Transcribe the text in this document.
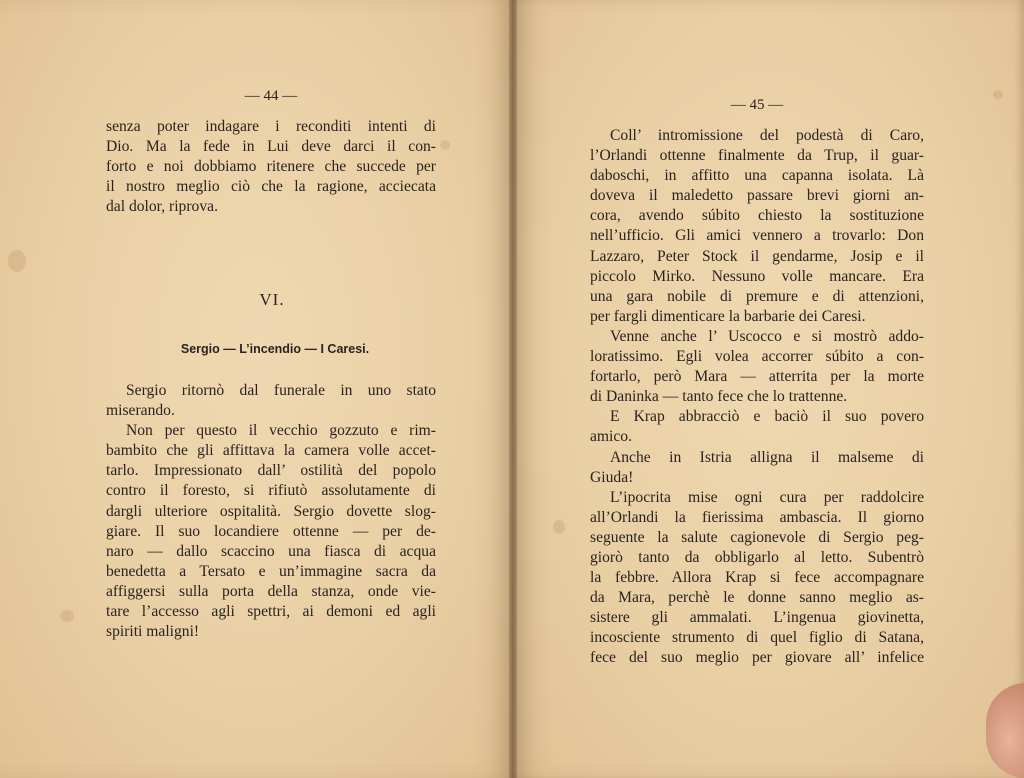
— 44 —
senza poter indagare i reconditi intenti di
Dio. Ma la fede in Lui deve darci il con-
forto e noi dobbiamo ritenere che succede per
il nostro meglio ciò che la ragione, acciecata
dal dolor, riprova.
VI.
Sergio — L’incendio — I Caresi.
Sergio ritornò dal funerale in uno stato
miserando.
Non per questo il vecchio gozzuto e rim-
bambito che gli affittava la camera volle accet-
tarlo. Impressionato dall’ ostilità del popolo
contro il foresto, si rifiutò assolutamente di
dargli ulteriore ospitalità. Sergio dovette slog-
giare. Il suo locandiere ottenne — per de-
naro — dallo scaccino una fiasca di acqua
benedetta a Tersato e un’immagine sacra da
affiggersi sulla porta della stanza, onde vie-
tare l’accesso agli spettri, ai demoni ed agli
spiriti maligni!
— 45 —
Coll’ intromissione del podestà di Caro,
l’Orlandi ottenne finalmente da Trup, il guar-
daboschi, in affitto una capanna isolata. Là
doveva il maledetto passare brevi giorni an-
cora, avendo súbito chiesto la sostituzione
nell’ufficio. Gli amici vennero a trovarlo: Don
Lazzaro, Peter Stock il gendarme, Josip e il
piccolo Mirko. Nessuno volle mancare. Era
una gara nobile di premure e di attenzioni,
per fargli dimenticare la barbarie dei Caresi.
Venne anche l’ Uscocco e si mostrò addo-
loratissimo. Egli volea accorrer súbito a con-
fortarlo, però Mara — atterrita per la morte
di Daninka — tanto fece che lo trattenne.
E Krap abbracciò e baciò il suo povero
amico.
Anche in Istria alligna il malseme di
Giuda!
L’ipocrita mise ogni cura per raddolcire
all’Orlandi la fierissima ambascia. Il giorno
seguente la salute cagionevole di Sergio peg-
giorò tanto da obbligarlo al letto. Subentrò
la febbre. Allora Krap si fece accompagnare
da Mara, perchè le donne sanno meglio as-
sistere gli ammalati. L’ingenua giovinetta,
incosciente strumento di quel figlio di Satana,
fece del suo meglio per giovare all’ infelice
